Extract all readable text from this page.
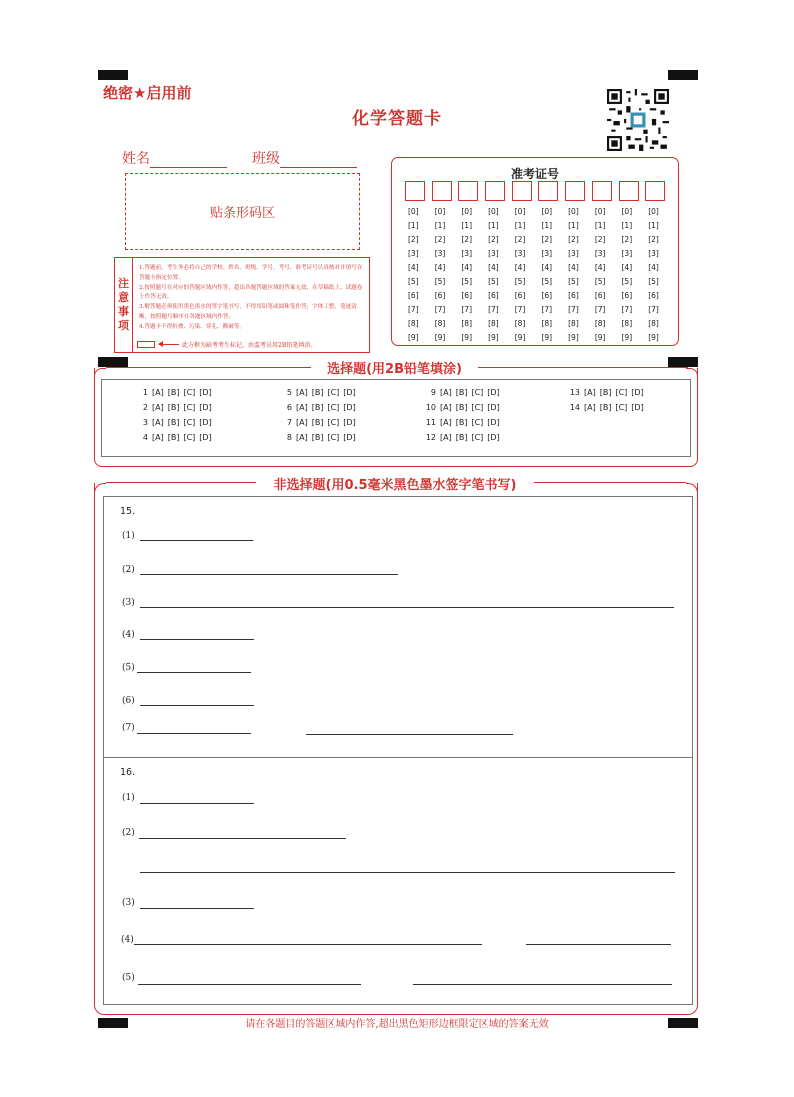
绝密★启用前
化学答题卡
姓名	班级
贴条形码区
注
意
事
项
1.答题前，考生务必将自己的学校、姓名、班级、学号、考号、准考证号认真核对并填写在答题卡指定位置。
2.按照题号在对应的答题区域内作答，超出各题答题区域的答案无效，在草稿纸上、试题卷上作答无效。
3.解答题必须使用黑色墨水的签字笔书写，不得用铅笔或圆珠笔作答；字体工整、笔迹清晰，按照题号顺序在各题区域内作答。
4.答题卡不得折叠、污染、穿孔、撕破等。
此方框为缺考考生标记，由监考员用2B铅笔填涂。
准考证号
[0]
[1]
[2]
[3]
[4]
[5]
[6]
[7]
[8]
[9]
[0]
[1]
[2]
[3]
[4]
[5]
[6]
[7]
[8]
[9]
[0]
[1]
[2]
[3]
[4]
[5]
[6]
[7]
[8]
[9]
[0]
[1]
[2]
[3]
[4]
[5]
[6]
[7]
[8]
[9]
[0]
[1]
[2]
[3]
[4]
[5]
[6]
[7]
[8]
[9]
[0]
[1]
[2]
[3]
[4]
[5]
[6]
[7]
[8]
[9]
[0]
[1]
[2]
[3]
[4]
[5]
[6]
[7]
[8]
[9]
[0]
[1]
[2]
[3]
[4]
[5]
[6]
[7]
[8]
[9]
[0]
[1]
[2]
[3]
[4]
[5]
[6]
[7]
[8]
[9]
[0]
[1]
[2]
[3]
[4]
[5]
[6]
[7]
[8]
[9]
选择题(用2B铅笔填涂)
1 [A] [B] [C] [D]
2 [A] [B] [C] [D]
3 [A] [B] [C] [D]
4 [A] [B] [C] [D]
5 [A] [B] [C] [D]
6 [A] [B] [C] [D]
7 [A] [B] [C] [D]
8 [A] [B] [C] [D]
9 [A] [B] [C] [D]
10 [A] [B] [C] [D]
11 [A] [B] [C] [D]
12 [A] [B] [C] [D]
13 [A] [B] [C] [D]
14 [A] [B] [C] [D]
非选择题(用0.5毫米黑色墨水签字笔书写)
15.
(1)
(2)
(3)
(4)
(5)
(6)
(7)
16.
(1)
(2)
(3)
(4)
(5)
请在各题目的答题区域内作答,超出黑色矩形边框限定区域的答案无效
